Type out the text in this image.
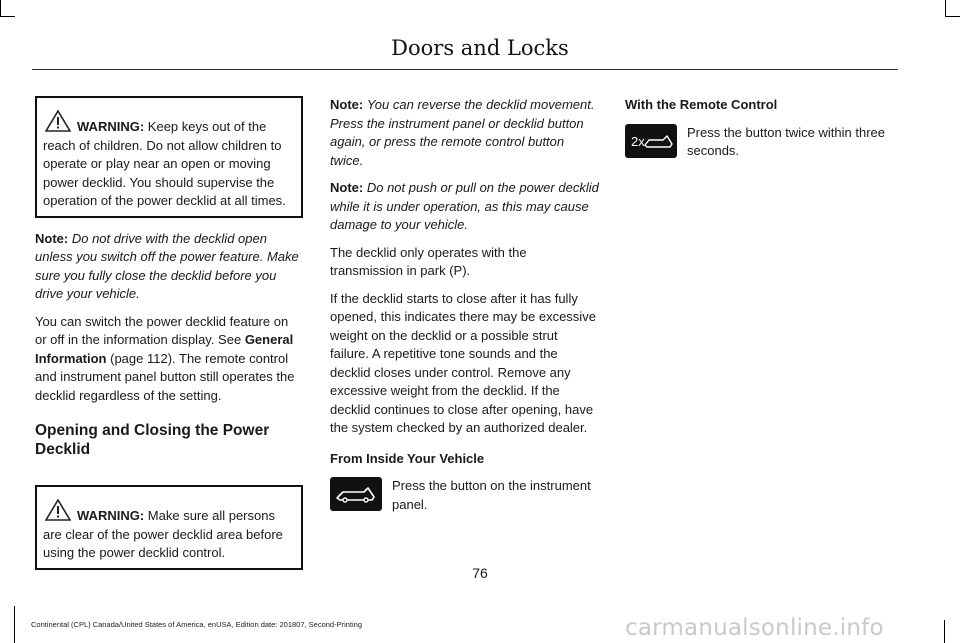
Doors and Locks
WARNING: Keep keys out of the reach of children. Do not allow children to operate or play near an open or moving power decklid. You should supervise the operation of the power decklid at all times.

Note: Do not drive with the decklid open unless you switch off the power feature. Make sure you fully close the decklid before you drive your vehicle.

You can switch the power decklid feature on or off in the information display. See General Information (page 112). The remote control and instrument panel button still operates the decklid regardless of the setting.

Opening and Closing the Power Decklid
WARNING: Make sure all persons are clear of the power decklid area before using the power decklid control.

Note: You can reverse the decklid movement. Press the instrument panel or decklid button again, or press the remote control button twice.

Note: Do not push or pull on the power decklid while it is under operation, as this may cause damage to your vehicle.

The decklid only operates with the transmission in park (P).

If the decklid starts to close after it has fully opened, this indicates there may be excessive weight on the decklid or a possible strut failure. A repetitive tone sounds and the decklid closes under control. Remove any excessive weight from the decklid. If the decklid continues to close after opening, have the system checked by an authorized dealer.

From Inside Your Vehicle

Press the button on the instrument panel.

With the Remote Control

2x
Press the button twice within three seconds.
76
Continental (CPL) Canada/United States of America, enUSA, Edition date: 201807, Second-Printing	carmanualsonline.info
